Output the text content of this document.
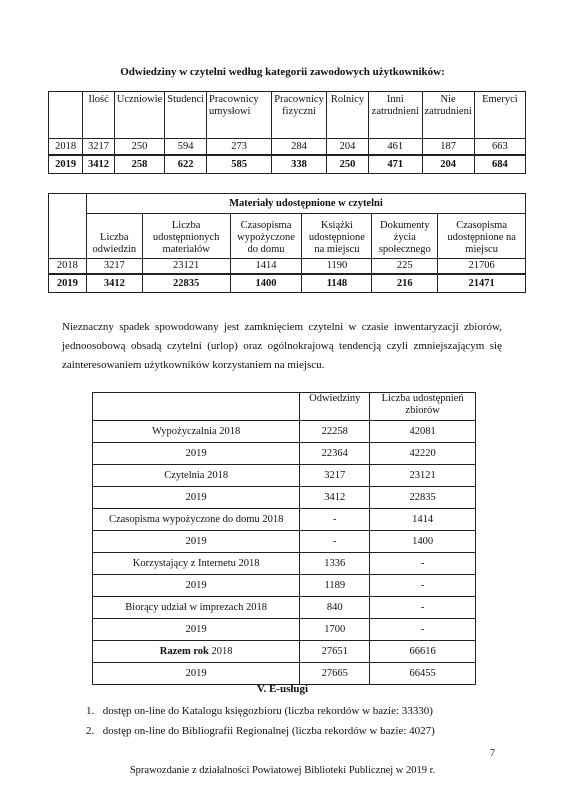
Odwiedziny w czytelni według kategorii zawodowych użytkowników:
	Ilość	Uczniowie	Studenci	Pracownicy umysłowi	Pracownicy fizyczni	Rolnicy	Inni zatrudnieni	Nie zatrudnieni	Emeryci
2018	3217	250	594	273	284	204	461	187	663
2019	3412	258	622	585	338	250	471	204	684
	Materiały udostępnione w czytelni					
	Liczba odwiedzin	Liczba udostępnionych materiałów	Czasopisma wypożyczone do domu	Książki udostępnione na miejscu	Dokumenty życia społecznego	Czasopisma udostępnione na miejscu
2018	3217	23121	1414	1190	225	21706
2019	3412	22835	1400	1148	216	21471
Nieznaczny spadek spowodowany jest zamknięciem czytelni w czasie inwentaryzacji zbiorów, jednoosobową obsadą czytelni (urlop) oraz ogólnokrajową tendencją czyli zmniejszającym się zainteresowaniem użytkowników korzystaniem na miejscu.
	Odwiedziny	Liczba udostępnień zbiorów
Wypożyczalnia 2018	22258	42081
2019	22364	42220
Czytelnia 2018	3217	23121
2019	3412	22835
Czasopisma wypożyczone do domu 2018	-	1414
2019	-	1400
Korzystający z Internetu 2018	1336	-
2019	1189	-
Biorący udział w imprezach 2018	840	-
2019	1700	-
Razem rok 2018	27651	66616
2019	27665	66455
V. E-usługi
1. dostęp on-line do Katalogu księgozbioru (liczba rekordów w bazie: 33330)
2. dostęp on-line do Bibliografii Regionalnej (liczba rekordów w bazie: 4027)
7
Sprawozdanie z działalności Powiatowej Biblioteki Publicznej w 2019 r.
